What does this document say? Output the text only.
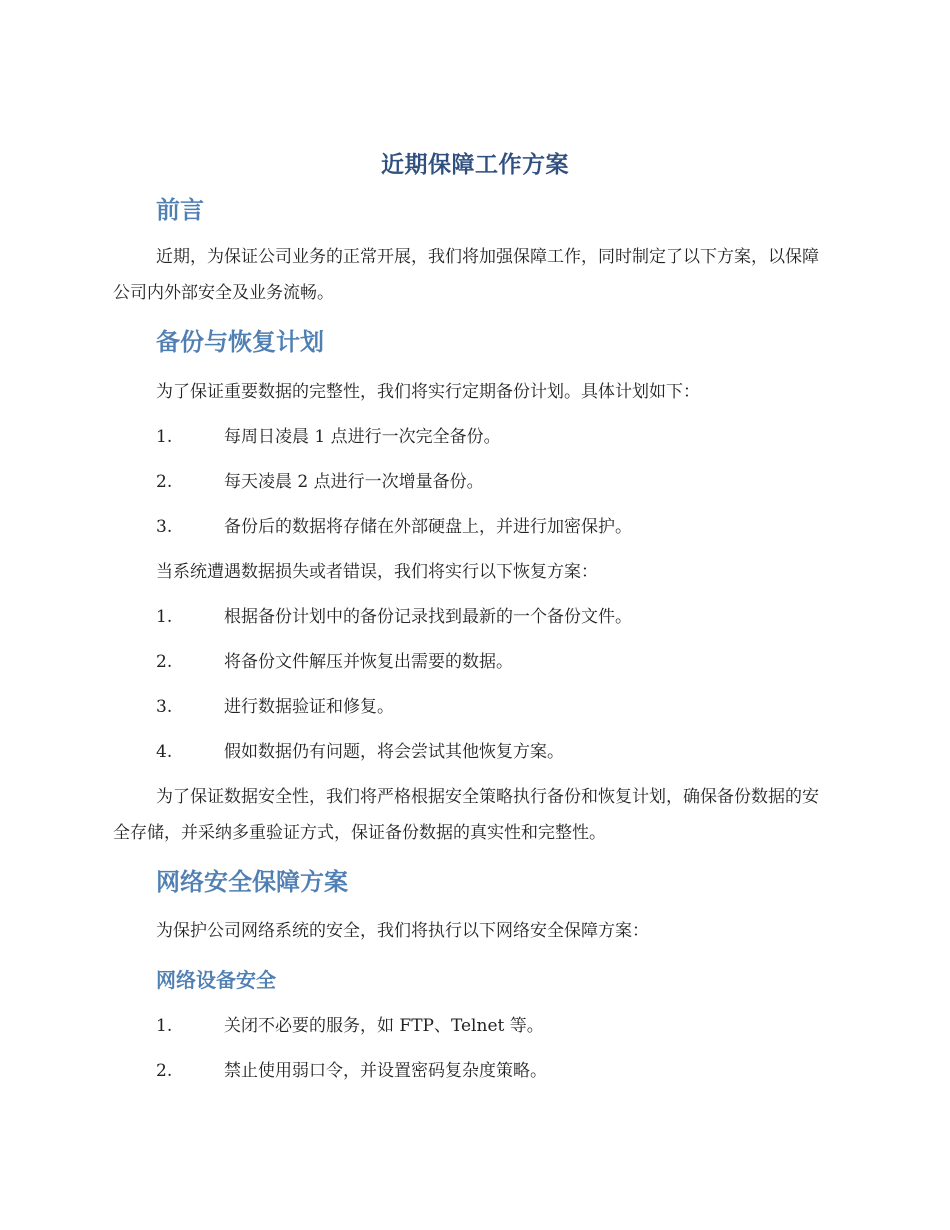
近期保障工作方案
前言

近期，为保证公司业务的正常开展，我们将加强保障工作，同时制定了以下方案，以保障公司内外部安全及业务流畅。

备份与恢复计划
为了保证重要数据的完整性，我们将实行定期备份计划。具体计划如下：
1.	每周日凌晨 1 点进行一次完全备份。
2.	每天凌晨 2 点进行一次增量备份。
3.	备份后的数据将存储在外部硬盘上，并进行加密保护。
当系统遭遇数据损失或者错误，我们将实行以下恢复方案：
1.	根据备份计划中的备份记录找到最新的一个备份文件。
2.	将备份文件解压并恢复出需要的数据。
3.	进行数据验证和修复。
4.	假如数据仍有问题，将会尝试其他恢复方案。

为了保证数据安全性，我们将严格根据安全策略执行备份和恢复计划，确保备份数据的安全存储，并采纳多重验证方式，保证备份数据的真实性和完整性。

网络安全保障方案
为保护公司网络系统的安全，我们将执行以下网络安全保障方案：
网络设备安全
1.	关闭不必要的服务，如 FTP、Telnet 等。
2.	禁止使用弱口令，并设置密码复杂度策略。
